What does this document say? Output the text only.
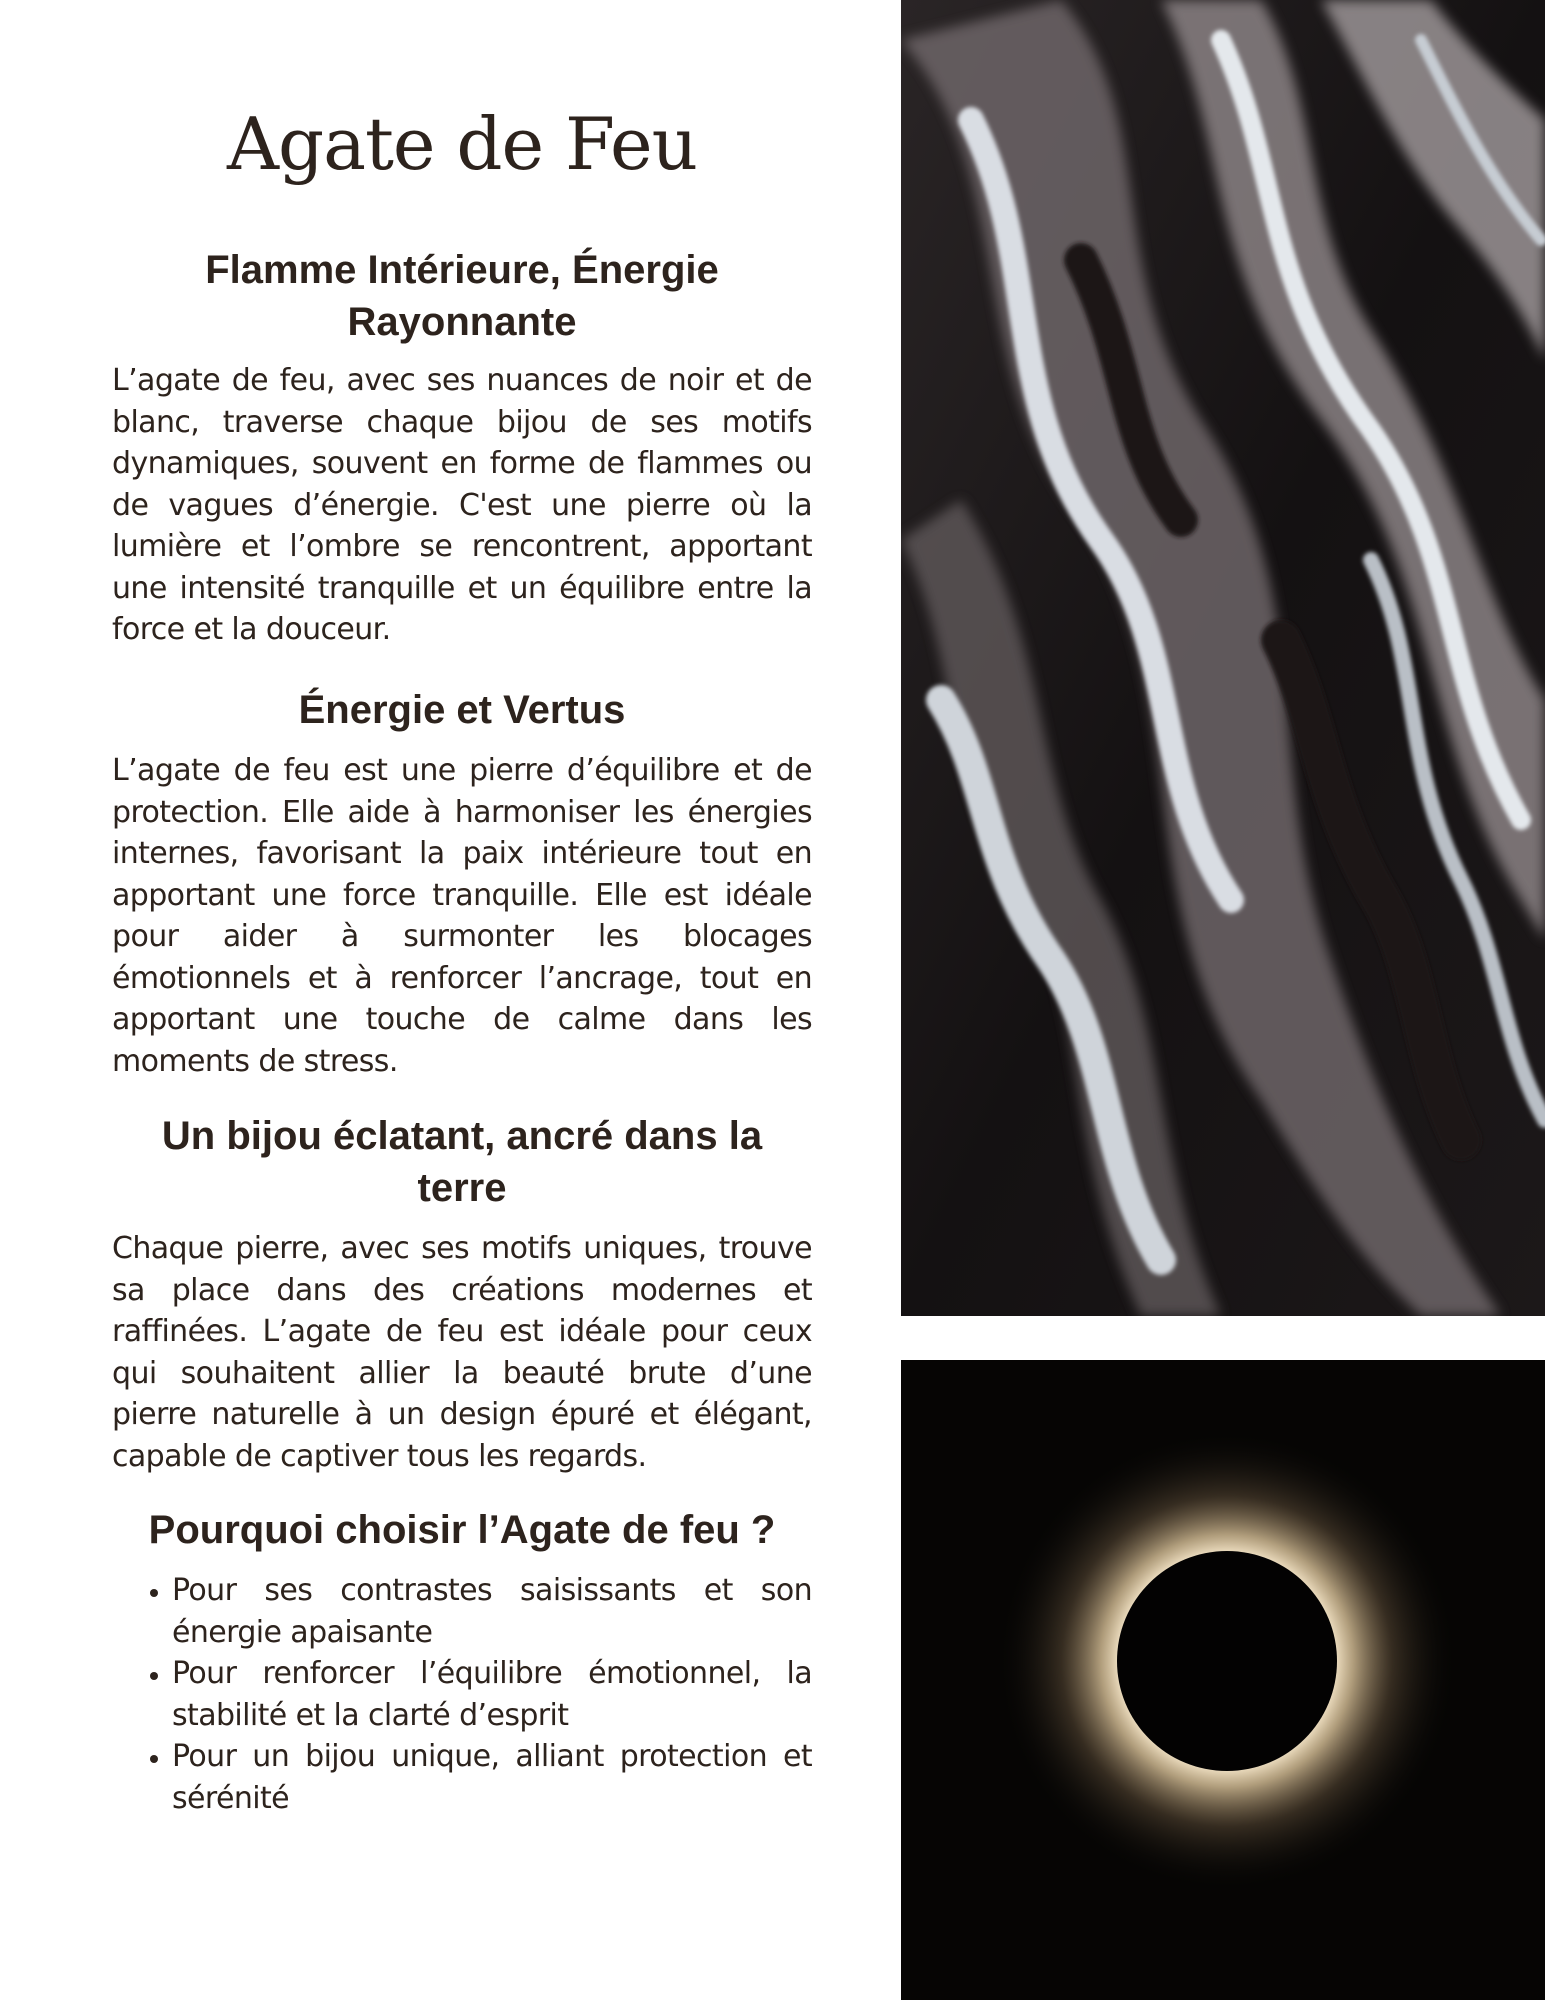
Agate de Feu
Flamme Intérieure, Énergie Rayonnante

L’agate de feu, avec ses nuances de noir et de blanc, traverse chaque bijou de ses motifs dynamiques, souvent en forme de flammes ou de vagues d’énergie. C'est une pierre où la lumière et l’ombre se rencontrent, apportant une intensité tranquille et un équilibre entre la force et la douceur.

Énergie et Vertus

L’agate de feu est une pierre d’équilibre et de protection. Elle aide à harmoniser les énergies internes, favorisant la paix intérieure tout en apportant une force tranquille. Elle est idéale pour aider à surmonter les blocages émotionnels et à renforcer l’ancrage, tout en apportant une touche de calme dans les moments de stress.

Un bijou éclatant, ancré dans la terre

Chaque pierre, avec ses motifs uniques, trouve sa place dans des créations modernes et raffinées. L’agate de feu est idéale pour ceux qui souhaitent allier la beauté brute d’une pierre naturelle à un design épuré et élégant, capable de captiver tous les regards.

Pourquoi choisir l’Agate de feu ?
• Pour ses contrastes saisissants et son énergie apaisante
• Pour renforcer l’équilibre émotionnel, la stabilité et la clarté d’esprit
• Pour un bijou unique, alliant protection et sérénité
